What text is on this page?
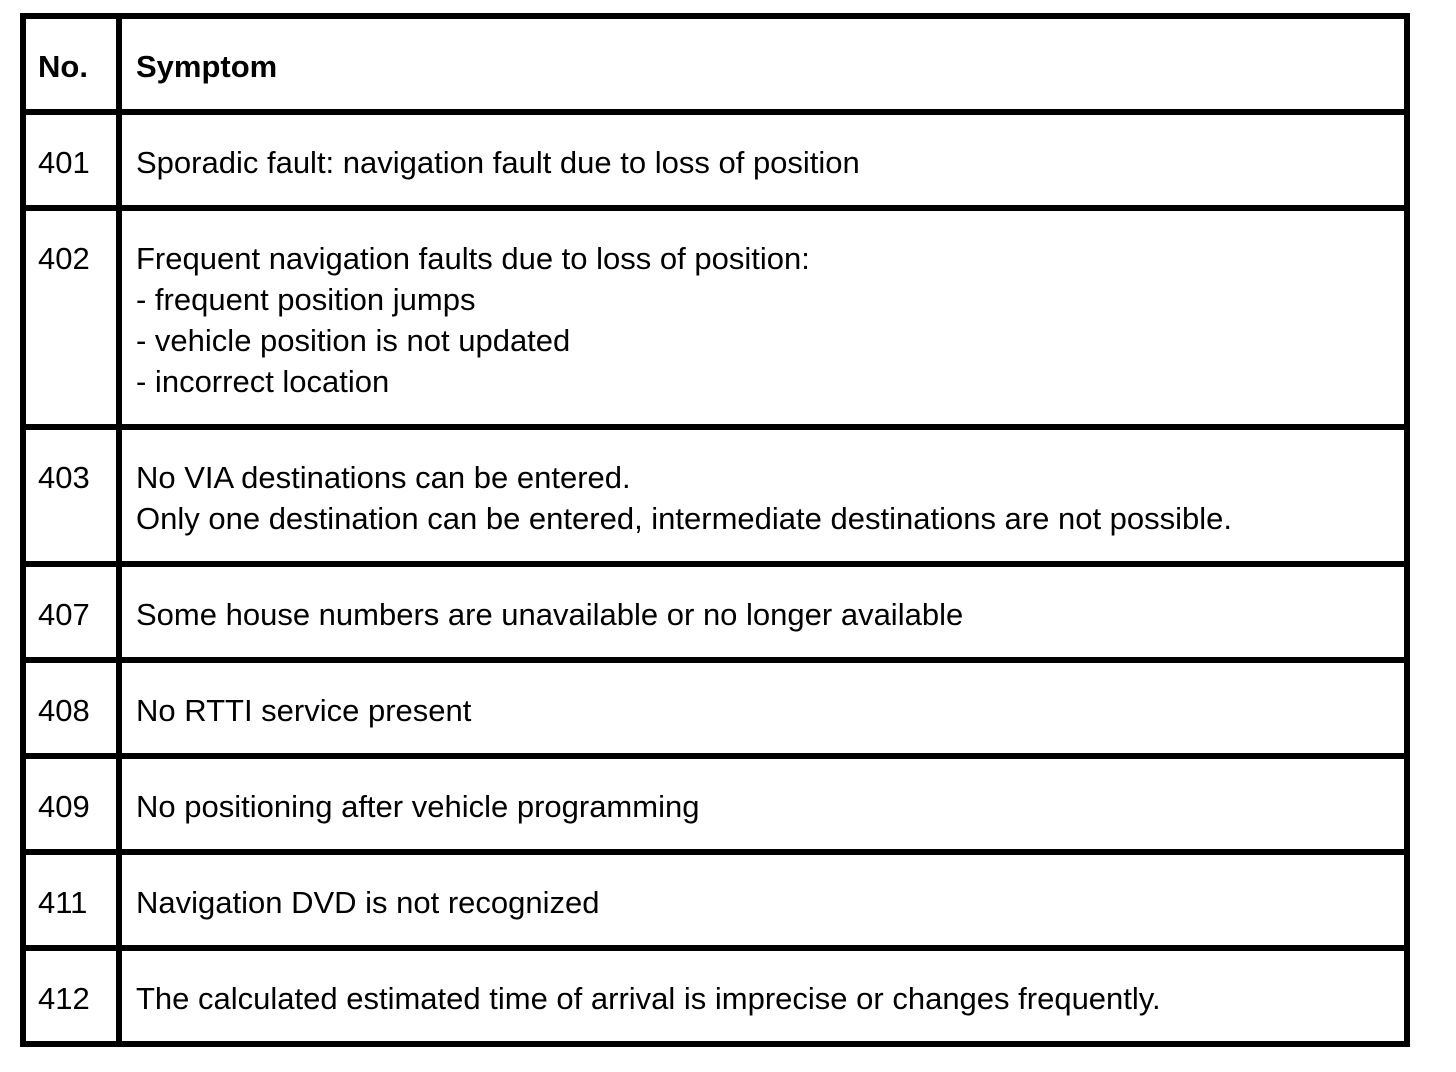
No.	Symptom

401	Sporadic fault: navigation fault due to loss of position

402	Frequent navigation faults due to loss of position:
- frequent position jumps
- vehicle position is not updated
- incorrect location

403	No VIA destinations can be entered.
Only one destination can be entered, intermediate destinations are not possible.

407	Some house numbers are unavailable or no longer available

408	No RTTI service present

409	No positioning after vehicle programming

411	Navigation DVD is not recognized

412	The calculated estimated time of arrival is imprecise or changes frequently.
